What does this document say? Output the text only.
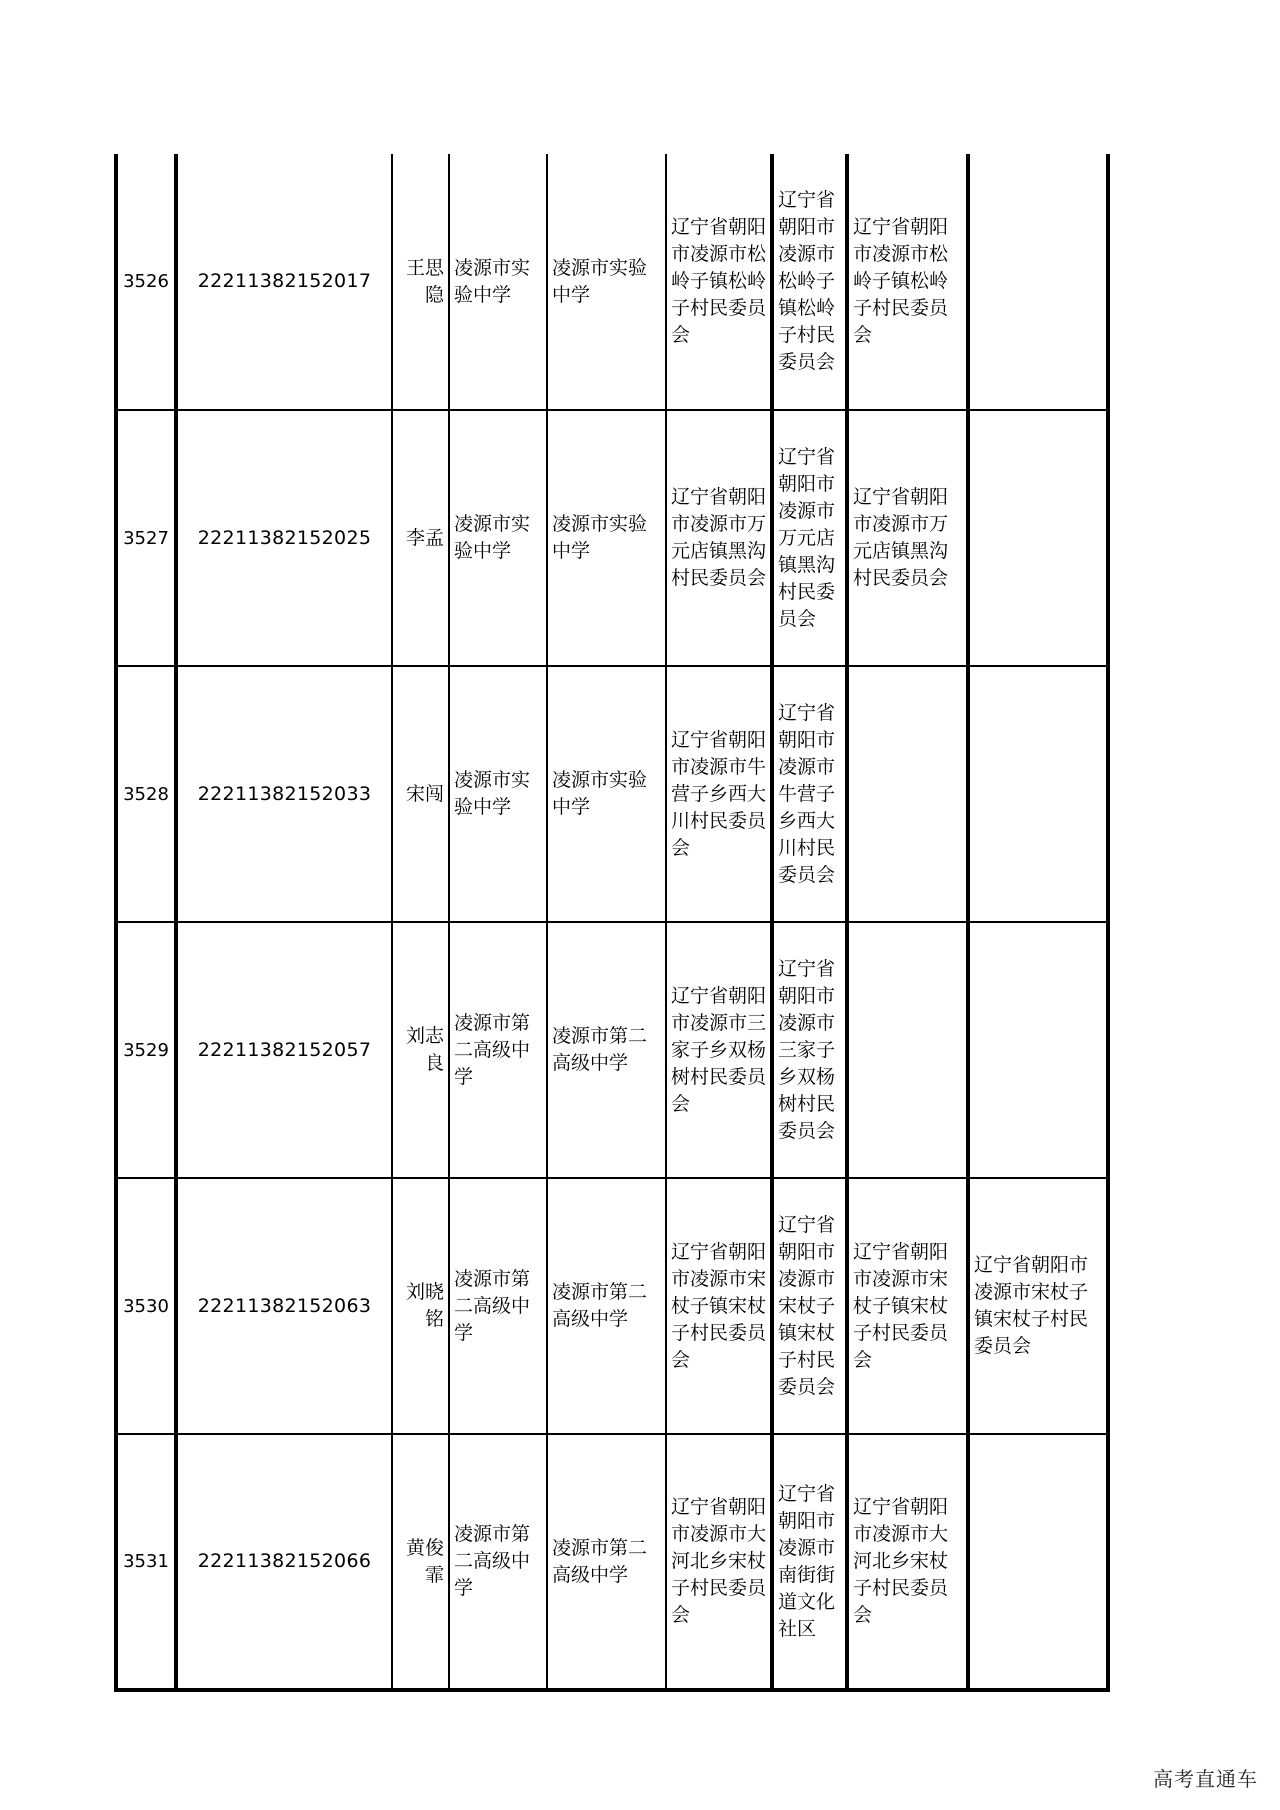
3526	22211382152017	王思隐	凌源市实验中学	凌源市实验中学	辽宁省朝阳市凌源市松岭子镇松岭子村民委员会	辽宁省朝阳市凌源市松岭子镇松岭子村民委员会	辽宁省朝阳市凌源市松岭子镇松岭子村民委员会	
3527	22211382152025	李孟	凌源市实验中学	凌源市实验中学	辽宁省朝阳市凌源市万元店镇黑沟村民委员会	辽宁省朝阳市凌源市万元店镇黑沟村民委员会	辽宁省朝阳市凌源市万元店镇黑沟村民委员会	
3528	22211382152033	宋闯	凌源市实验中学	凌源市实验中学	辽宁省朝阳市凌源市牛营子乡西大川村民委员会	辽宁省朝阳市凌源市牛营子乡西大川村民委员会		
3529	22211382152057	刘志良	凌源市第二高级中学	凌源市第二高级中学	辽宁省朝阳市凌源市三家子乡双杨树村民委员会	辽宁省朝阳市凌源市三家子乡双杨树村民委员会		
3530	22211382152063	刘晓铭	凌源市第二高级中学	凌源市第二高级中学	辽宁省朝阳市凌源市宋杖子镇宋杖子村民委员会	辽宁省朝阳市凌源市宋杖子镇宋杖子村民委员会	辽宁省朝阳市凌源市宋杖子镇宋杖子村民委员会	辽宁省朝阳市凌源市宋杖子镇宋杖子村民委员会
3531	22211382152066	黄俊霏	凌源市第二高级中学	凌源市第二高级中学	辽宁省朝阳市凌源市大河北乡宋杖子村民委员会	辽宁省朝阳市凌源市南街街道文化社区	辽宁省朝阳市凌源市大河北乡宋杖子村民委员会	
高考直通车
